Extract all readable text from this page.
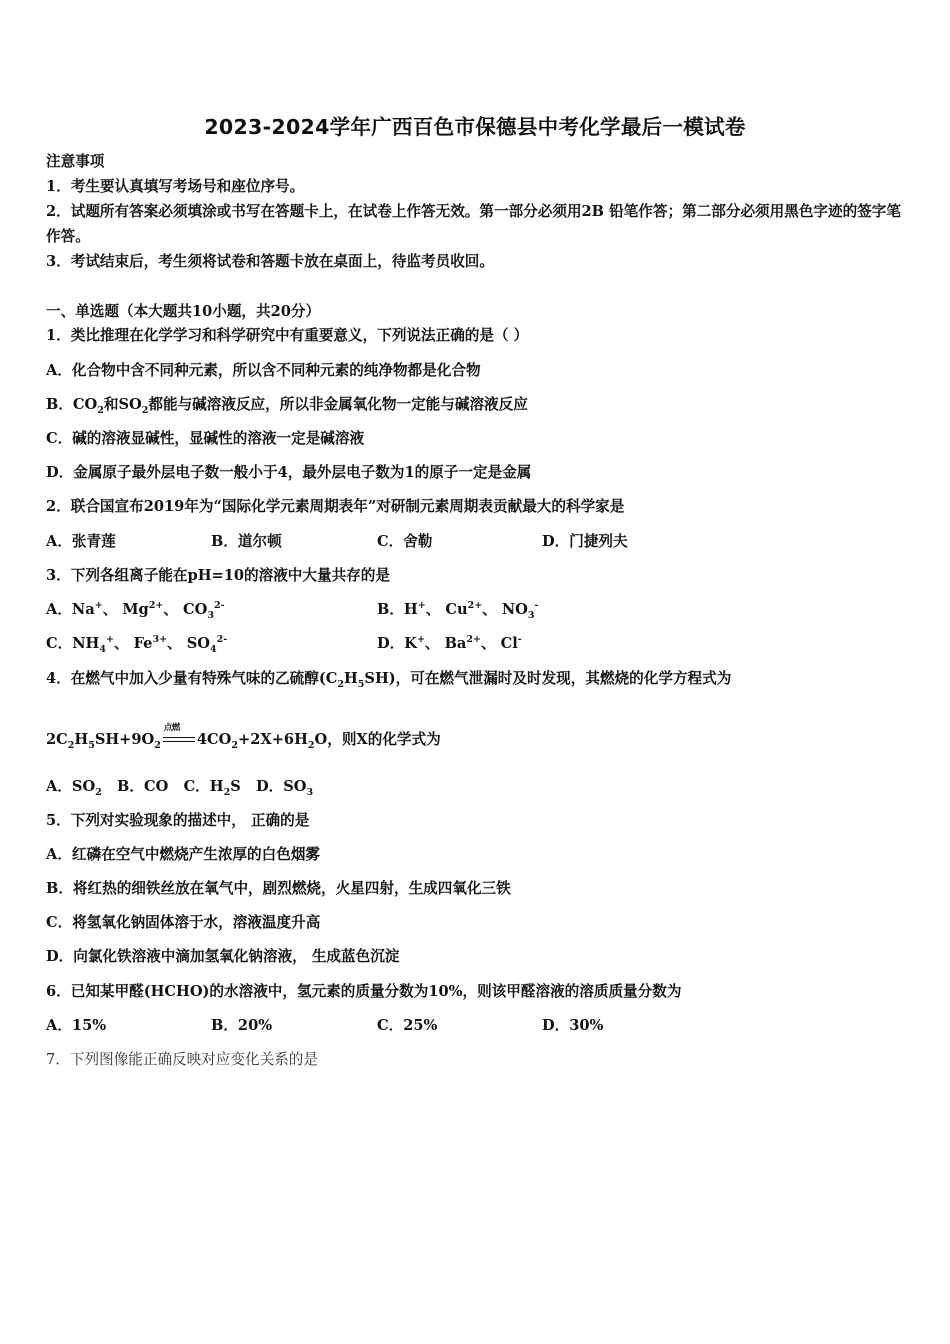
2023-2024学年广西百色市保德县中考化学最后一模试卷
注意事项
1．考生要认真填写考场号和座位序号。
2．试题所有答案必须填涂或书写在答题卡上，在试卷上作答无效。第一部分必须用2B 铅笔作答；第二部分必须用黑色字迹的签字笔作答。
3．考试结束后，考生须将试卷和答题卡放在桌面上，待监考员收回。
一、单选题（本大题共10小题，共20分）
1．类比推理在化学学习和科学研究中有重要意义，下列说法正确的是（ ）
A．化合物中含不同种元素，所以含不同种元素的纯净物都是化合物
B．$CO_2$和$SO_2$都能与碱溶液反应，所以非金属氧化物一定能与碱溶液反应
C．碱的溶液显碱性，显碱性的溶液一定是碱溶液
D．金属原子最外层电子数一般小于4，最外层电子数为1的原子一定是金属
2．联合国宣布2019年为“国际化学元素周期表年”对研制元素周期表贡献最大的科学家是
A．张青莲	B．道尔顿	C．舍勒	D．门捷列夫
3．下列各组离子能在pH=10的溶液中大量共存的是
A．Na+、 $Mg^{2+}$、 $CO_3^{2-}$	B．H+、 $Cu^{2+}$、 $NO_3^-$
C．$NH_4^+$、 $Fe^{3+}$、 $SO_4^{2-}$	D．K+、 $Ba^{2+}$、 Cl-
4．在燃气中加入少量有特殊气味的乙硫醇$(C_2H_5SH)$，可在燃气泄漏时及时发现，其燃烧的化学方程式为
$2C_2H_5SH+9O_2$
点燃
$4CO_2+2X+6H_2O$，则X的化学式为
A．$SO_2$ B．CO C．$H_2S$ D．$SO_3$
5．下列对实验现象的描述中， 正确的是
A．红磷在空气中燃烧产生浓厚的白色烟雾
B．将红热的细铁丝放在氧气中，剧烈燃烧，火星四射，生成四氧化三铁
C．将氢氧化钠固体溶于水，溶液温度升高
D．向氯化铁溶液中滴加氢氧化钠溶液， 生成蓝色沉淀
6．已知某甲醛(HCHO)的水溶液中，氢元素的质量分数为10%，则该甲醛溶液的溶质质量分数为
A．15%	B．20%	C．25%	D．30%
7．下列图像能正确反映对应变化关系的是
